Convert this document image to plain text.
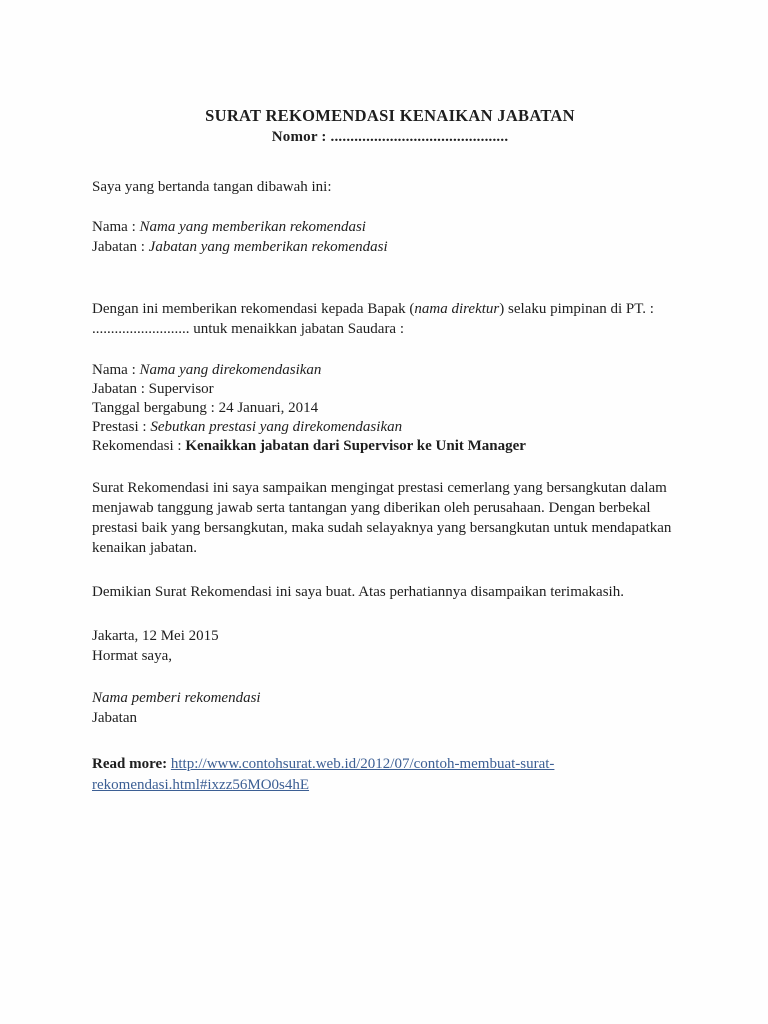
SURAT REKOMENDASI KENAIKAN JABATAN
Nomor : .............................................

Saya yang bertanda tangan dibawah ini:

Nama : Nama yang memberikan rekomendasi
Jabatan : Jabatan yang memberikan rekomendasi

Dengan ini memberikan rekomendasi kepada Bapak (nama direktur) selaku pimpinan di PT. :
.......................... untuk menaikkan jabatan Saudara :

Nama : Nama yang direkomendasikan
Jabatan : Supervisor
Tanggal bergabung : 24 Januari, 2014
Prestasi : Sebutkan prestasi yang direkomendasikan
Rekomendasi : Kenaikkan jabatan dari Supervisor ke Unit Manager

Surat Rekomendasi ini saya sampaikan mengingat prestasi cemerlang yang bersangkutan dalam menjawab tanggung jawab serta tantangan yang diberikan oleh perusahaan. Dengan berbekal prestasi baik yang bersangkutan, maka sudah selayaknya yang bersangkutan untuk mendapatkan kenaikan jabatan.

Demikian Surat Rekomendasi ini saya buat. Atas perhatiannya disampaikan terimakasih.

Jakarta, 12 Mei 2015
Hormat saya,
Nama pemberi rekomendasi
Jabatan

Read more: http://www.contohsurat.web.id/2012/07/contoh-membuat-surat-rekomendasi.html#ixzz56MO0s4hE
